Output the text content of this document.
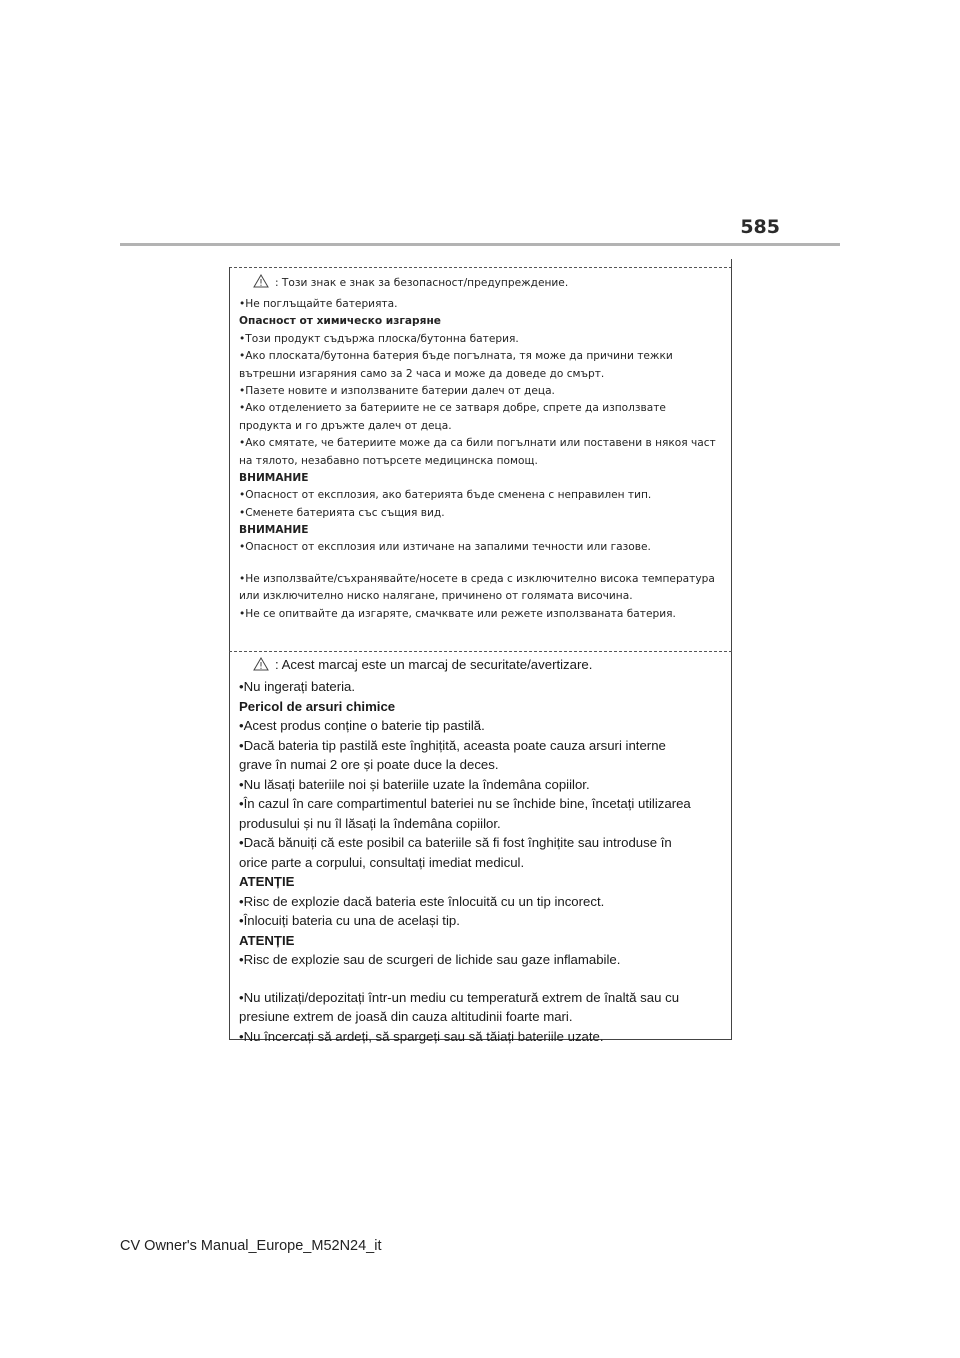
585
: Този знак е знак за безопасност/предупреждение.
•Не поглъщайте батерията.
Опасност от химическо изгаряне
•Този продукт съдържа плоска/бутонна батерия.
•Ако плоската/бутонна батерия бъде погълната, тя може да причини тежки
вътрешни изгаряния само за 2 часа и може да доведе до смърт.
•Пазете новите и използваните батерии далеч от деца.
•Ако отделението за батериите не се затваря добре, спрете да използвате
продукта и го дръжте далеч от деца.
•Ако смятате, че батериите може да са били погълнати или поставени в някоя част
на тялото, незабавно потърсете медицинска помощ.
ВНИМАНИЕ
•Опасност от експлозия, ако батерията бъде сменена с неправилен тип.
•Сменете батерията със същия вид.
ВНИМАНИЕ
•Опасност от експлозия или изтичане на запалими течности или газове.
•Не използвайте/съхранявайте/носете в среда с изключително висока температура
или изключително ниско налягане, причинено от голямата височина.
•Не се опитвайте да изгаряте, смачквате или режете използваната батерия.
: Acest marcaj este un marcaj de securitate/avertizare.
•Nu ingerați bateria.
Pericol de arsuri chimice
•Acest produs conține o baterie tip pastilă.
•Dacă bateria tip pastilă este înghițită, aceasta poate cauza arsuri interne
grave în numai 2 ore și poate duce la deces.
•Nu lăsați bateriile noi și bateriile uzate la îndemâna copiilor.
•În cazul în care compartimentul bateriei nu se închide bine, încetați utilizarea
produsului și nu îl lăsați la îndemâna copiilor.
•Dacă bănuiți că este posibil ca bateriile să fi fost înghițite sau introduse în
orice parte a corpului, consultați imediat medicul.
ATENȚIE
•Risc de explozie dacă bateria este înlocuită cu un tip incorect.
•Înlocuiți bateria cu una de același tip.
ATENȚIE
•Risc de explozie sau de scurgeri de lichide sau gaze inflamabile.
•Nu utilizați/depozitați într-un mediu cu temperatură extrem de înaltă sau cu
presiune extrem de joasă din cauza altitudinii foarte mari.
•Nu încercați să ardeți, să spargeți sau să tăiați bateriile uzate.
CV Owner's Manual_Europe_M52N24_it
